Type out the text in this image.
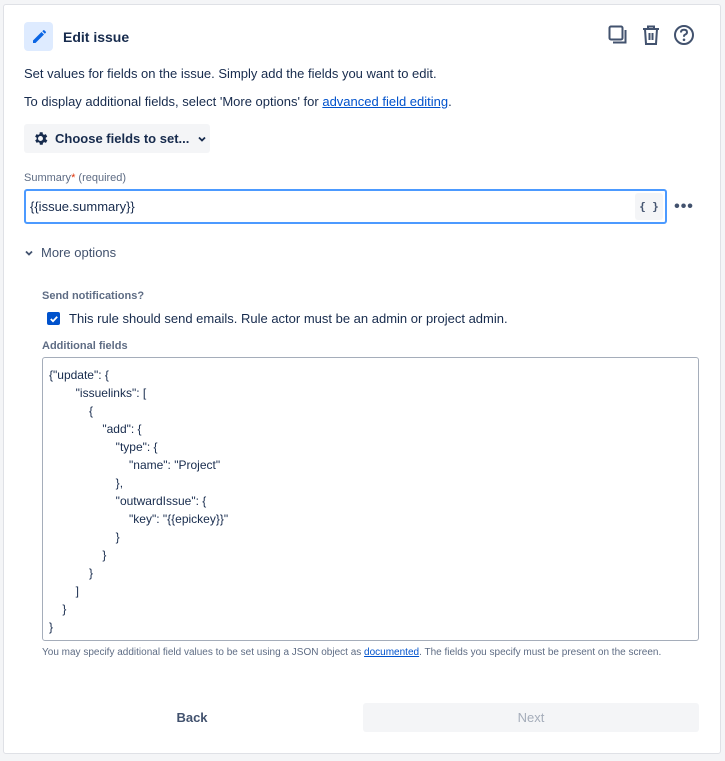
Edit issue
Set values for fields on the issue. Simply add the fields you want to edit.
To display additional fields, select 'More options' for advanced field editing.
Choose fields to set...
Summary* (required)
{{issue.summary}}
{ } •••
More options
Send notifications?
This rule should send emails. Rule actor must be an admin or project admin.
Additional fields
{"update": {
"issuelinks": [
{
"add": {
"type": {
"name": "Project"
},
"outwardIssue": {
"key": "{{epickey}}"
}
}
}
]
}
}
You may specify additional field values to be set using a JSON object as documented. The fields you specify must be present on the screen.
Back	Next
